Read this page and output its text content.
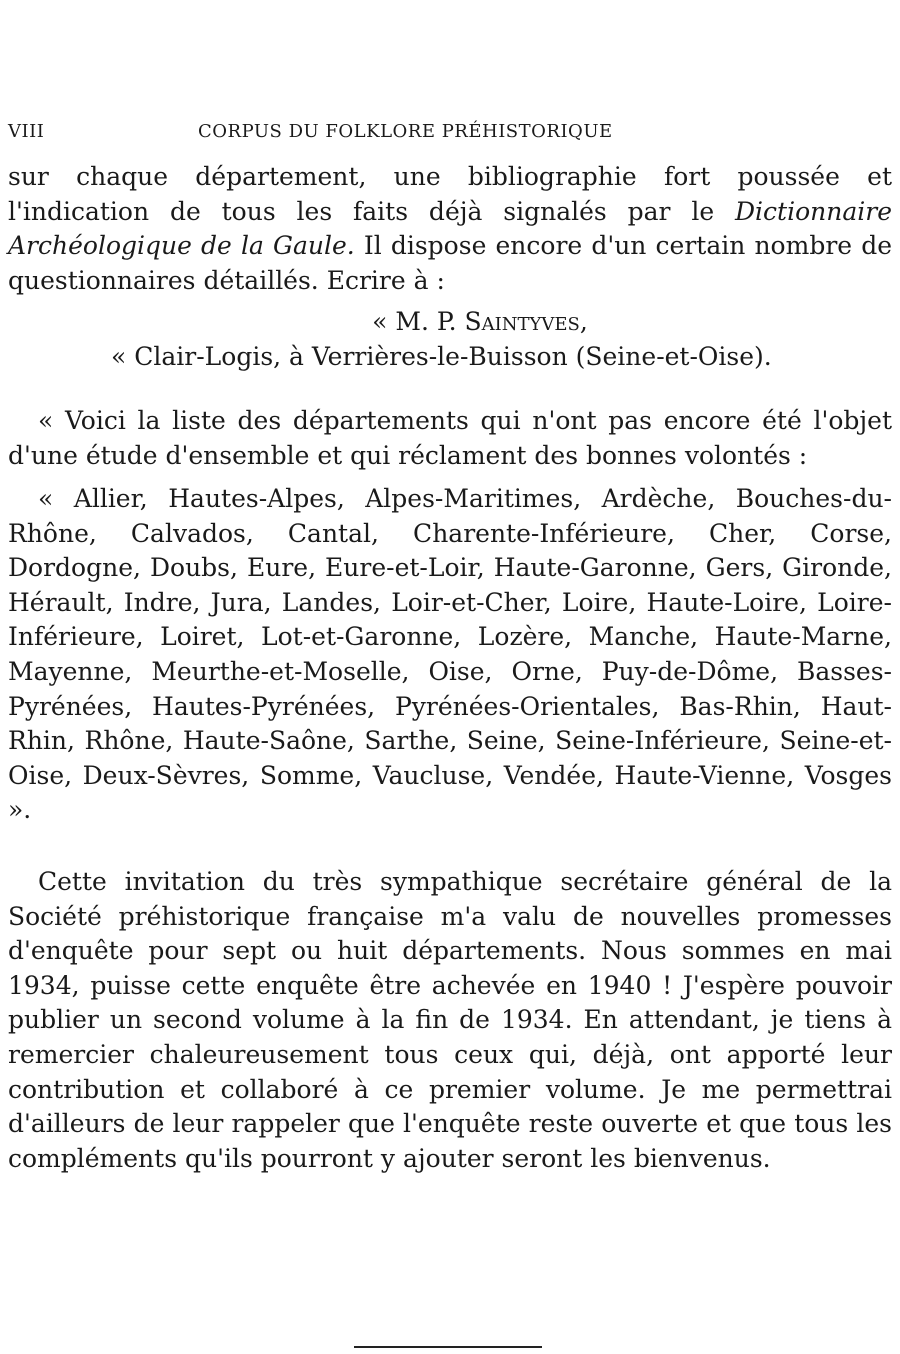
VIII	CORPUS DU FOLKLORE PRÉHISTORIQUE

sur chaque département, une bibliographie fort poussée et l'indication de tous les faits déjà signalés par le Dictionnaire Archéologique de la Gaule. Il dispose encore d'un certain nombre de questionnaires détaillés. Ecrire à :

« M. P. Saintyves,
« Clair-Logis, à Verrières-le-Buisson (Seine-et-Oise).

« Voici la liste des départements qui n'ont pas encore été l'objet d'une étude d'ensemble et qui réclament des bonnes volontés :

« Allier, Hautes-Alpes, Alpes-Maritimes, Ardèche, Bouches-du-Rhône, Calvados, Cantal, Charente-Inférieure, Cher, Corse, Dordogne, Doubs, Eure, Eure-et-Loir, Haute-Garonne, Gers, Gironde, Hérault, Indre, Jura, Landes, Loir-et-Cher, Loire, Haute-Loire, Loire-Inférieure, Loiret, Lot-et-Garonne, Lozère, Manche, Haute-Marne, Mayenne, Meurthe-et-Moselle, Oise, Orne, Puy-de-Dôme, Basses-Pyrénées, Hautes-Pyrénées, Pyrénées-Orientales, Bas-Rhin, Haut-Rhin, Rhône, Haute-Saône, Sarthe, Seine, Seine-Inférieure, Seine-et-Oise, Deux-Sèvres, Somme, Vaucluse, Vendée, Haute-Vienne, Vosges ».

Cette invitation du très sympathique secrétaire général de la Société préhistorique française m'a valu de nouvelles promesses d'enquête pour sept ou huit départements. Nous sommes en mai 1934, puisse cette enquête être achevée en 1940 ! J'espère pouvoir publier un second volume à la fin de 1934. En attendant, je tiens à remercier chaleureusement tous ceux qui, déjà, ont apporté leur contribution et collaboré à ce premier volume. Je me permettrai d'ailleurs de leur rappeler que l'enquête reste ouverte et que tous les compléments qu'ils pourront y ajouter seront les bienvenus.
